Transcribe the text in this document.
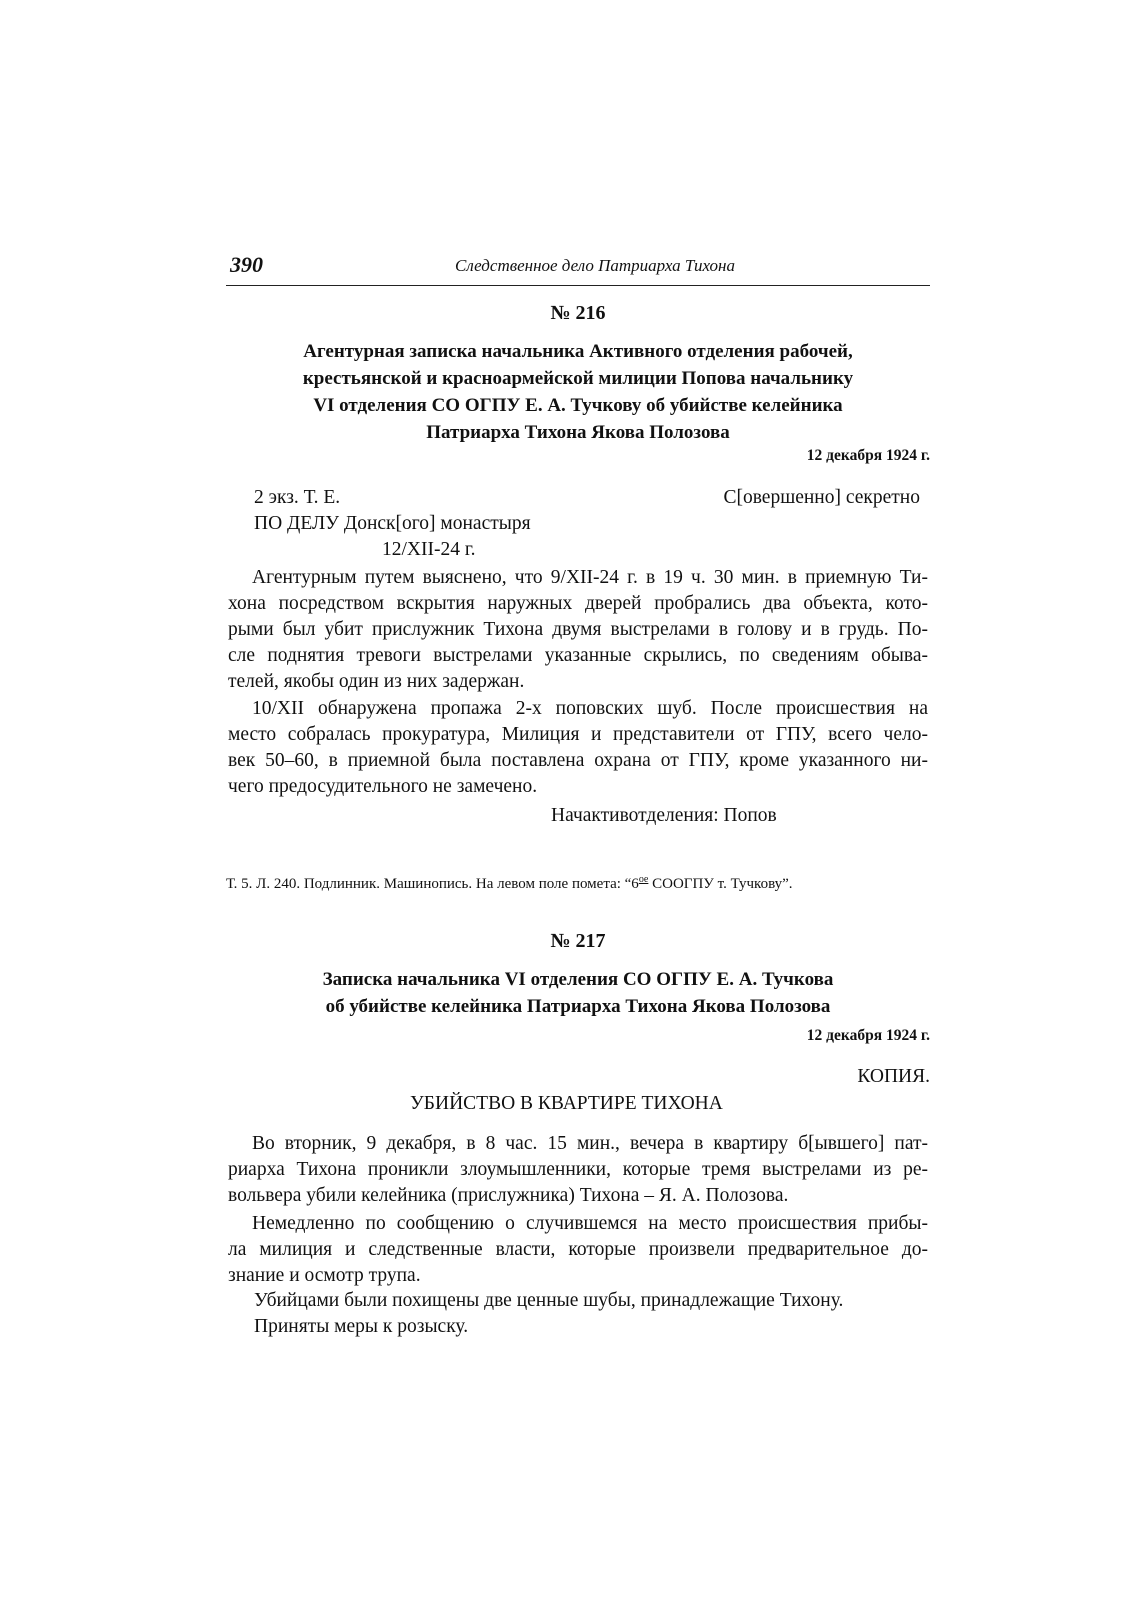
390	Следственное дело Патриарха Тихона
№ 216
Агентурная записка начальника Активного отделения рабочей,
крестьянской и красноармейской милиции Попова начальнику
VI отделения СО ОГПУ Е. А. Тучкову об убийстве келейника
Патриарха Тихона Якова Полозова
12 декабря 1924 г.
2 экз. Т. Е.	С[овершенно] секретно
ПО ДЕЛУ Донск[ого] монастыря
12/XII-24 г.
Агентурным путем выяснено, что 9/XII-24 г. в 19 ч. 30 мин. в приемную Ти-
хона посредством вскрытия наружных дверей пробрались два объекта, кото-
рыми был убит прислужник Тихона двумя выстрелами в голову и в грудь. По-
сле поднятия тревоги выстрелами указанные скрылись, по сведениям обыва-
телей, якобы один из них задержан.
10/XII обнаружена пропажа 2-х поповских шуб. После происшествия на
место собралась прокуратура, Милиция и представители от ГПУ, всего чело-
век 50–60, в приемной была поставлена охрана от ГПУ, кроме указанного ни-
чего предосудительного не замечено.
Начактивотделения: Попов
Т. 5. Л. 240. Подлинник. Машинопись. На левом поле помета: “$6^{ое}$ СООГПУ т. Тучкову”.
№ 217
Записка начальника VI отделения СО ОГПУ Е. А. Тучкова
об убийстве келейника Патриарха Тихона Якова Полозова
12 декабря 1924 г.
КОПИЯ.
УБИЙСТВО В КВАРТИРЕ ТИХОНА
Во вторник, 9 декабря, в 8 час. 15 мин., вечера в квартиру б[ывшего] пат-
риарха Тихона проникли злоумышленники, которые тремя выстрелами из ре-
вольвера убили келейника (прислужника) Тихона – Я. А. Полозова.
Немедленно по сообщению о случившемся на место происшествия прибы-
ла милиция и следственные власти, которые произвели предварительное до-
знание и осмотр трупа.
Убийцами были похищены две ценные шубы, принадлежащие Тихону.
Приняты меры к розыску.
